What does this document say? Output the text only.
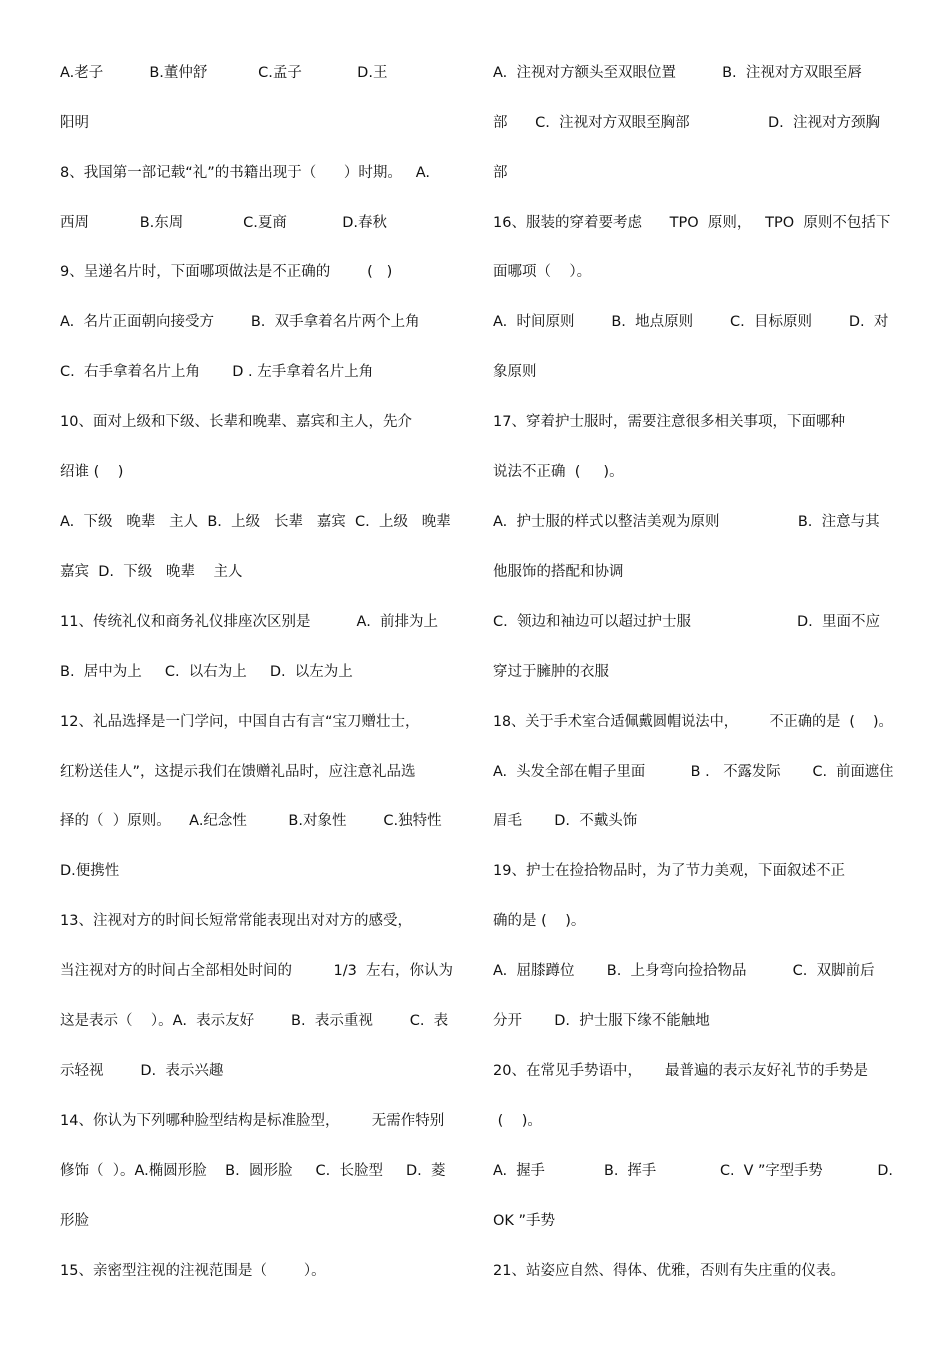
A.老子          B.董仲舒           C.孟子            D.王
阳明
8、我国第一部记载“礼”的书籍出现于（      ）时期。   A.
西周           B.东周             C.夏商            D.春秋
9、呈递名片时，下面哪项做法是不正确的        (   )
A.  名片正面朝向接受方        B.  双手拿着名片两个上角
C.  右手拿着名片上角       D . 左手拿着名片上角
10、面对上级和下级、长辈和晚辈、嘉宾和主人，先介
绍谁 (    )
A.  下级   晚辈   主人  B.  上级   长辈   嘉宾  C.  上级   晚辈
嘉宾  D.  下级   晚辈    主人
11、传统礼仪和商务礼仪排座次区别是          A.  前排为上
B.  居中为上     C.  以右为上     D.  以左为上
12、礼品选择是一门学问，中国自古有言“宝刀赠壮士，
红粉送佳人”，这提示我们在馈赠礼品时，应注意礼品选
择的（  ）原则。    A.纪念性         B.对象性        C.独特性
D.便携性
13、注视对方的时间长短常常能表现出对对方的感受，
当注视对方的时间占全部相处时间的         1/3  左右，你认为
这是表示（    ）。A.  表示友好        B.  表示重视        C.  表
示轻视        D.  表示兴趣
14、你认为下列哪种脸型结构是标准脸型，       无需作特别
修饰（  ）。A.椭圆形脸    B.  圆形脸     C.  长脸型     D.  菱
形脸
15、亲密型注视的注视范围是（        ）。
A.  注视对方额头至双眼位置          B.  注视对方双眼至唇
部      C.  注视对方双眼至胸部                 D.  注视对方颈胸
部
16、服装的穿着要考虑      TPO  原则，   TPO  原则不包括下
面哪项（    ）。
A.  时间原则        B.  地点原则        C.  目标原则        D.  对
象原则
17、穿着护士服时，需要注意很多相关事项，下面哪种
说法不正确  (     )。
A.  护士服的样式以整洁美观为原则                 B.  注意与其
他服饰的搭配和协调
C.  领边和袖边可以超过护士服                       D.  里面不应
穿过于臃肿的衣服
18、关于手术室合适佩戴圆帽说法中，       不正确的是  (    )。
A.  头发全部在帽子里面          B .   不露发际       C.  前面遮住
眉毛       D.  不戴头饰
19、护士在捡拾物品时，为了节力美观，下面叙述不正
确的是 (    )。
A.  屈膝蹲位       B.  上身弯向捡拾物品          C.  双脚前后
分开       D.  护士服下缘不能触地
20、在常见手势语中，     最普遍的表示友好礼节的手势是
(    )。
A.  握手             B.  挥手              C.  V ”字型手势            D.
OK ”手势
21、站姿应自然、得体、优雅，否则有失庄重的仪表。
